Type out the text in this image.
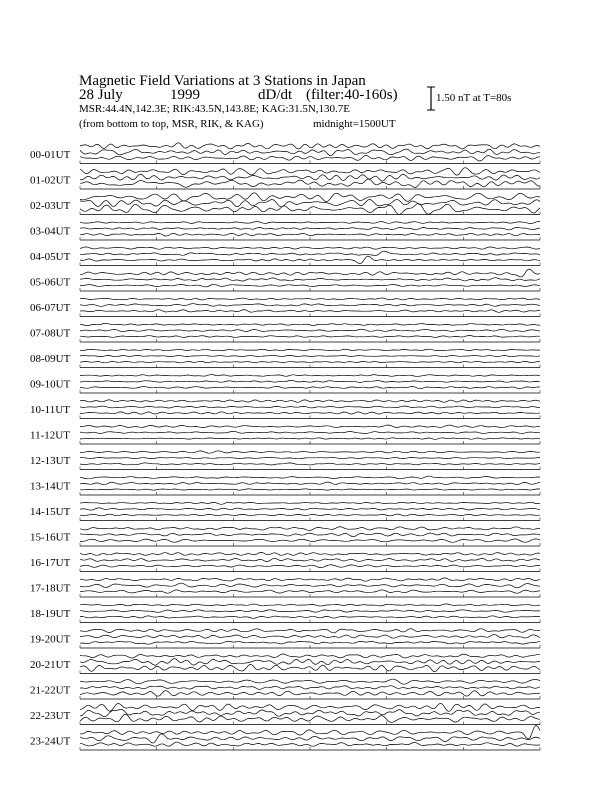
Magnetic Field Variations at 3 Stations in Japan
28 July	1999	dD/dt (filter:40-160s)
MSR:44.4N,142.3E; RIK:43.5N,143.8E; KAG:31.5N,130.7E
(from bottom to top, MSR, RIK, & KAG)	midnight=1500UT
1.50 nT at T=80s
00-01UT
01-02UT
02-03UT
03-04UT
04-05UT
05-06UT
06-07UT
07-08UT
08-09UT
09-10UT
10-11UT
11-12UT
12-13UT
13-14UT
14-15UT
15-16UT
16-17UT
17-18UT
18-19UT
19-20UT
20-21UT
21-22UT
22-23UT
23-24UT
